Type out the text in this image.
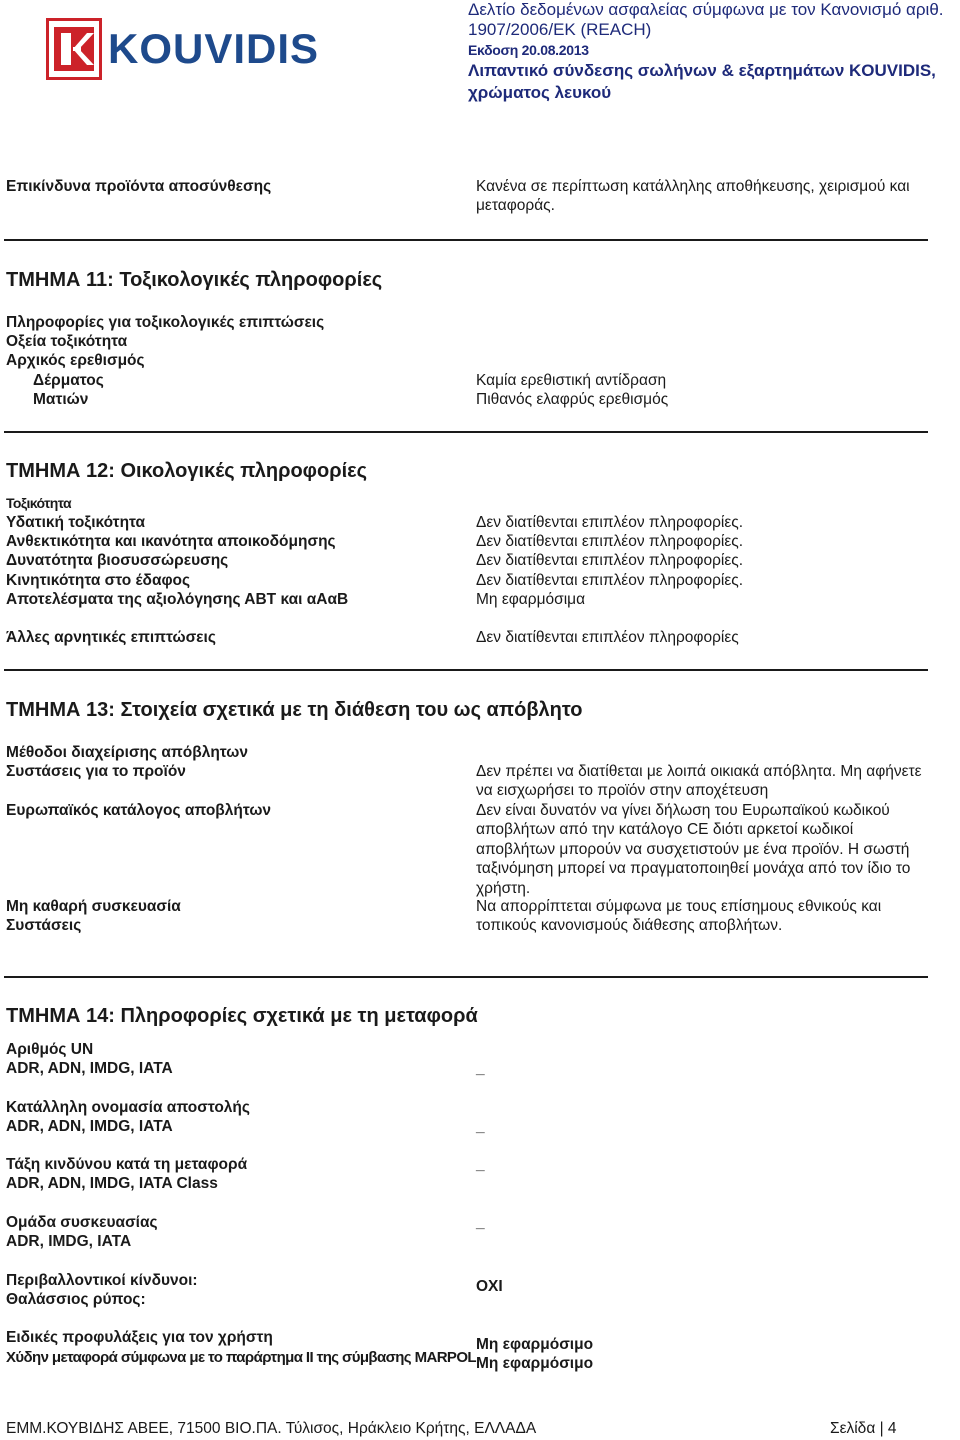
KOUVIDIS
Δελτίο δεδομένων ασφαλείας σύμφωνα με τον Κανονισμό αριθ.
1907/2006/ΕΚ (REACH)
Εκδοση 20.08.2013
Λιπαντικό σύνδεσης σωλήνων & εξαρτημάτων KOUVIDIS,
χρώματος λευκού
Επικίνδυνα προϊόντα αποσύνθεσης	Κανένα σε περίπτωση κατάλληλης αποθήκευσης, χειρισμού και
μεταφοράς.
ΤΜΗΜΑ 11: Τοξικολογικές πληροφορίες
Πληροφορίες για τοξικολογικές επιπτώσεις
Οξεία τοξικότητα
Αρχικός ερεθισμός
Δέρματος	Καμία ερεθιστική αντίδραση
Ματιών	Πιθανός ελαφρύς ερεθισμός
ΤΜΗΜΑ 12: Οικολογικές πληροφορίες
Τοξικότητα
Υδατική τοξικότητα	Δεν διατίθενται επιπλέον πληροφορίες.
Ανθεκτικότητα και ικανότητα αποικοδόμησης	Δεν διατίθενται επιπλέον πληροφορίες.
Δυνατότητα βιοσυσσώρευσης	Δεν διατίθενται επιπλέον πληροφορίες.
Κινητικότητα στο έδαφος	Δεν διατίθενται επιπλέον πληροφορίες.
Αποτελέσματα της αξιολόγησης ΑΒΤ και αΑαΒ	Μη εφαρμόσιμα
Άλλες αρνητικές επιπτώσεις	Δεν διατίθενται επιπλέον πληροφορίες
ΤΜΗΜΑ 13: Στοιχεία σχετικά με τη διάθεση του ως απόβλητο
Μέθοδοι διαχείρισης απόβλητων
Συστάσεις για το προϊόν	Δεν πρέπει να διατίθεται με λοιπά οικιακά απόβλητα. Μη αφήνετε να εισχωρήσει το προϊόν στην αποχέτευση
Ευρωπαϊκός κατάλογος αποβλήτων	Δεν είναι δυνατόν να γίνει δήλωση του Ευρωπαϊκού κωδικού αποβλήτων από την κατάλογο CE διότι αρκετοί κωδικοί αποβλήτων μπορούν να συσχετιστούν με ένα προϊόν. Η σωστή ταξινόμηση μπορεί να πραγματοποιηθεί μονάχα από τον ίδιο το χρήστη.
Μη καθαρή συσκευασία	Να απορρίπτεται σύμφωνα με τους επίσημους εθνικούς και τοπικούς κανονισμούς διάθεσης αποβλήτων.
Συστάσεις
ΤΜΗΜΑ 14: Πληροφορίες σχετικά με τη μεταφορά
Αριθμός UN
ADR, ADN, IMDG, IATA	_
Κατάλληλη ονομασία αποστολής
ADR, ADN, IMDG, IATA	_
Τάξη κινδύνου κατά τη μεταφορά	_
ADR, ADN, IMDG, IATA Class
Ομάδα συσκευασίας	_
ADR, IMDG, IATA
Περιβαλλοντικοί κίνδυνοι:	ΟΧΙ
Θαλάσσιος ρύπος:
Ειδικές προφυλάξεις για τον χρήστη	Μη εφαρμόσιμο
Χύδην μεταφορά σύμφωνα με το παράρτημα II της σύμβασης MARPOL Μη εφαρμόσιμο
ΕΜΜ.ΚΟΥΒΙΔΗΣ ΑΒΕΕ, 71500 ΒΙΟ.ΠΑ. Τύλισος, Ηράκλειο Κρήτης, ΕΛΛΑΔΑ	Σελίδα | 4
